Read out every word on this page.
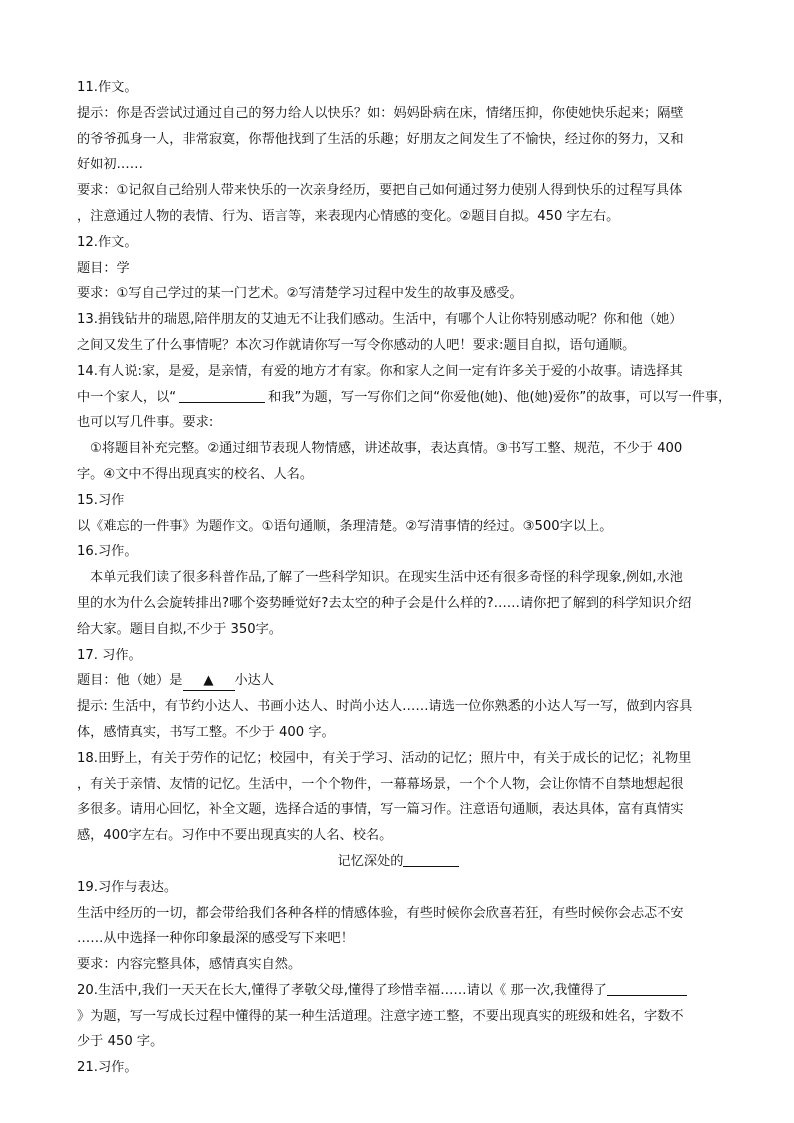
11.作文。
提示：你是否尝试过通过自己的努力给人以快乐？如：妈妈卧病在床，情绪压抑，你使她快乐起来；隔壁
的爷爷孤身一人，非常寂寞，你帮他找到了生活的乐趣；好朋友之间发生了不愉快，经过你的努力，又和
好如初……
要求：①记叙自己给别人带来快乐的一次亲身经历，要把自己如何通过努力使别人得到快乐的过程写具体
，注意通过人物的表情、行为、语言等，来表现内心情感的变化。②题目自拟。450 字左右。
12.作文。
题目：学
要求：①写自己学过的某一门艺术。②写清楚学习过程中发生的故事及感受。
13.捐钱钻井的瑞恩,陪伴朋友的艾迪无不让我们感动。生活中，有哪个人让你特别感动呢？你和他（她）
之间又发生了什么事情呢？本次习作就请你写一写令你感动的人吧！要求:题目自拟，语句通顺。
14.有人说:家，是爱，是亲情，有爱的地方才有家。你和家人之间一定有许多关于爱的小故事。请选择其
中一个家人，以“	和我”为题，写一写你们之间“你爱他(她)、他(她)爱你”的故事，可以写一件事，
也可以写几件事。要求:
①将题目补充完整。②通过细节表现人物情感，讲述故事，表达真情。③书写工整、规范，不少于 400
字。④文中不得出现真实的校名、人名。
15.习作
以《难忘的一件事》为题作文。①语句通顺，条理清楚。②写清事情的经过。③500字以上。
16.习作。
本单元我们读了很多科普作品,了解了一些科学知识。在现实生活中还有很多奇怪的科学现象,例如,水池
里的水为什么会旋转排出?哪个姿势睡觉好?去太空的种子会是什么样的?……请你把了解到的科学知识介绍
给大家。题目自拟,不少于 350字。
17. 习作。
题目：他（她）是 ▲ 小达人
提示: 生活中，有节约小达人、书画小达人、时尚小达人……请选一位你熟悉的小达人写一写，做到内容具
体，感情真实，书写工整。不少于 400 字。
18.田野上，有关于劳作的记忆；校园中，有关于学习、活动的记忆；照片中，有关于成长的记忆；礼物里
，有关于亲情、友情的记忆。生活中，一个个物件，一幕幕场景，一个个人物，会让你情不自禁地想起很
多很多。请用心回忆，补全文题，选择合适的事情，写一篇习作。注意语句通顺，表达具体，富有真情实
感，400字左右。习作中不要出现真实的人名、校名。
记忆深处的
19.习作与表达。
生活中经历的一切，都会带给我们各种各样的情感体验，有些时候你会欣喜若狂，有些时候你会忐忑不安
……从中选择一种你印象最深的感受写下来吧！
要求：内容完整具体，感情真实自然。
20.生活中,我们一天天在长大,懂得了孝敬父母,懂得了珍惜幸福……请以《 那一次,我懂得了
》为题，写一写成长过程中懂得的某一种生活道理。注意字迹工整，不要出现真实的班级和姓名，字数不
少于 450 字。
21.习作。
